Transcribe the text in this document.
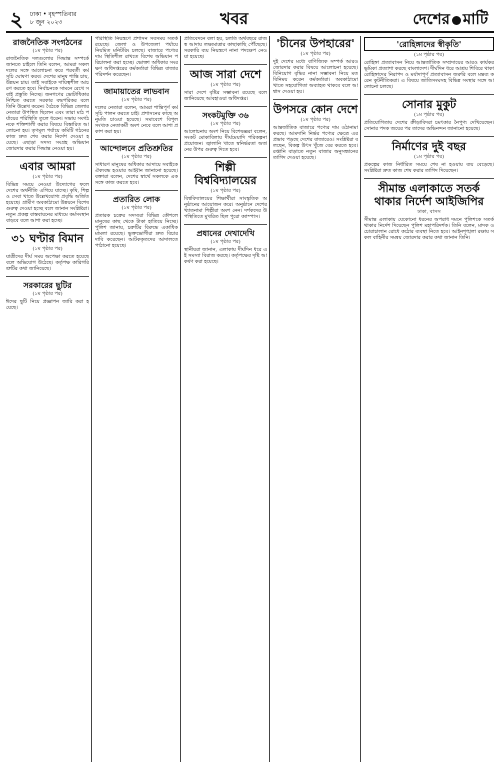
২ ঢাকা • বৃহস্পতিবার
৮ জুন ২০২৩	খবর	দেশের মাটি
রাজনৈতিক সংগঠনের
(১ম পৃষ্ঠার পর)
রাজনৈতিক দলগুলোর সিদ্ধান্ত সম্পর্কে জানতে চাইলে তিনি বলেন, আমরা সকল দলের সঙ্গে আলোচনা করে পরবর্তী কর্মসূচি ঘোষণা করব। দেশের মানুষ শান্তি চায়, উন্নয়ন চায়। তাই সবাইকে দায়িত্বশীল আচরণ করতে হবে। নির্বাচনকে সামনে রেখে সবাই প্রস্তুতি নিচ্ছে। জনগণের ভোটাধিকার নিশ্চিত করতে সরকার বদ্ধপরিকর বলে তিনি উল্লেখ করেন। বৈঠকে বিভিন্ন জেলার নেতারা উপস্থিত ছিলেন এবং তারা মাঠ পর্যায়ের পরিস্থিতি তুলে ধরেন। সভায় সংগঠনকে শক্তিশালী করার বিষয়ে বিস্তারিত আলোচনা হয়। তৃণমূল পর্যায়ে কমিটি গঠনের কাজ দ্রুত শেষ করার নির্দেশ দেওয়া হয়েছে। এছাড়া সদস্য সংগ্রহ অভিযান জোরদার করার সিদ্ধান্ত নেওয়া হয়।
এবার আমরা
(১ম পৃষ্ঠার পর)
বিভিন্ন সময়ে নেওয়া উদ্যোগের ফলে দেশের অর্থনীতি এগিয়ে যাচ্ছে। কৃষি, শিল্প ও সেবা খাতে উল্লেখযোগ্য প্রবৃদ্ধি অর্জিত হয়েছে। গ্রামীণ অবকাঠামো উন্নয়নে বিশেষ গুরুত্ব দেওয়া হচ্ছে বলে জানান সংশ্লিষ্টরা। নতুন প্রকল্প বাস্তবায়নের মাধ্যমে কর্মসংস্থান বাড়বে বলে আশা করা হচ্ছে।
৩১ ঘণ্টার বিমান
(১ম পৃষ্ঠার পর)
যাত্রীদের দীর্ঘ সময় অপেক্ষা করতে হয়েছে বলে অভিযোগ উঠেছে। কর্তৃপক্ষ কারিগরি ত্রুটির কথা জানিয়েছে।
সরকারের ছুটির
(১ম পৃষ্ঠার পর)
ঈদের ছুটি নিয়ে প্রজ্ঞাপন জারি করা হয়েছে।
পরিস্থিতি নিয়ন্ত্রণে প্রশাসন সবসময় সতর্ক রয়েছে। জেলা ও উপজেলা পর্যায়ে নিয়মিত মনিটরিং চলছে। বাজারে পণ্যের দাম স্থিতিশীল রাখতে বিশেষ অভিযান পরিচালনা করা হচ্ছে। ভোক্তা অধিকার সংরক্ষণ অধিদপ্তরের কর্মকর্তারা বিভিন্ন বাজার পরিদর্শন করেছেন।
জামায়াতের লাভবান
(১ম পৃষ্ঠার পর)
দলের নেতারা বলেন, আমরা শান্তিপূর্ণ কর্মসূচি পালন করতে চাই। প্রশাসনের কাছে অনুমতি চাওয়া হয়েছে। সমাবেশে বিপুল সংখ্যক নেতাকর্মী অংশ নেবে বলে আশা প্রকাশ করা হয়।
আন্দোলনে প্রতিশ্রুতির
(১ম পৃষ্ঠার পর)
সাধারণ মানুষের অধিকার আদায়ে সবাইকে ঐক্যবদ্ধ হওয়ার আহ্বান জানানো হয়েছে। বক্তারা বলেন, দেশের স্বার্থে সকলকে একসঙ্গে কাজ করতে হবে।
প্রতারিত লোক
(১ম পৃষ্ঠার পর)
প্রতারক চক্রের সদস্যরা বিভিন্ন কৌশলে মানুষের কাছ থেকে টাকা হাতিয়ে নিচ্ছে। পুলিশ জানায়, চক্রটির বিরুদ্ধে একাধিক মামলা রয়েছে। ভুক্তভোগীরা দ্রুত বিচার দাবি করেছেন। আটককৃতদের আদালতে পাঠানো হয়েছে।
প্রতিবেদনে বলা হয়, চলতি অর্থবছরে রাজস্ব আদায় লক্ষ্যমাত্রার কাছাকাছি পৌঁছেছে। সরকারি ব্যয় নিয়ন্ত্রণে নানা পদক্ষেপ নেওয়া হয়েছে।
আজ সারা দেশে
(১ম পৃষ্ঠার পর)
সারা দেশে বৃষ্টির সম্ভাবনা রয়েছে বলে জানিয়েছে আবহাওয়া অধিদপ্তর।
সংকটমুক্তি ৩৬
(১ম পৃষ্ঠার পর)
আলোচনায় অংশ নিয়ে বিশেষজ্ঞরা বলেন, সংকট মোকাবিলায় দীর্ঘমেয়াদি পরিকল্পনা প্রয়োজন। জ্বালানি খাতে স্বনির্ভরতা অর্জনের উপর গুরুত্ব দিতে হবে।
শিল্পী বিশ্ববিদ্যালয়ের
(১ম পৃষ্ঠার পর)
বিশ্ববিদ্যালয়ের শিক্ষার্থীরা সাংস্কৃতিক অনুষ্ঠানের আয়োজন করে। অনুষ্ঠানে দেশের খ্যাতনামা শিল্পীরা অংশ নেন। দর্শকদের উপস্থিতিতে মুখরিত ছিল পুরো ক্যাম্পাস।
প্রধানের দেখাদেখি
(১ম পৃষ্ঠার পর)
স্থানীয়রা জানান, এলাকায় দীর্ঘদিন ধরে এই সমস্যা বিরাজ করছে। কর্তৃপক্ষের দৃষ্টি আকর্ষণ করা হয়েছে।
'চীনের উপহারের'
(১ম পৃষ্ঠার পর)
দুই দেশের মধ্যে বাণিজ্যিক সম্পর্ক আরও জোরদার করার বিষয়ে আলোচনা হয়েছে। বিনিয়োগ বৃদ্ধির নানা সম্ভাবনা নিয়ে মতবিনিময় করেন কর্মকর্তারা। অবকাঠামো খাতে সহযোগিতা অব্যাহত থাকবে বলে আশ্বাস দেওয়া হয়।
উপসরে কোন দেশে
(১ম পৃষ্ঠার পর)
আন্তর্জাতিক বাজারে পণ্যের দাম ওঠানামা করছে। আমদানি নির্ভর পণ্যের ক্ষেত্রে এর প্রভাব পড়ছে দেশের বাজারেও। সংশ্লিষ্টরা বলছেন, বিকল্প উৎস খুঁজে বের করতে হবে। রপ্তানি বাড়াতে নতুন বাজার অনুসন্ধানের তাগিদ দেওয়া হয়েছে।
'রোহিঙ্গাদের স্বীকৃতি'
(১ম পৃষ্ঠার পর)
রোহিঙ্গা প্রত্যাবাসন নিয়ে আন্তর্জাতিক সম্প্রদায়ের আরও কার্যকর ভূমিকা প্রত্যাশা করছে বাংলাদেশ। দীর্ঘদিন ধরে আশ্রয় শিবিরে থাকা রোহিঙ্গাদের নিরাপদ ও মর্যাদাপূর্ণ প্রত্যাবাসন জরুরি বলে মন্তব্য করেন কূটনীতিকরা। এ বিষয়ে জাতিসংঘসহ বিভিন্ন সংস্থার সঙ্গে আলোচনা চলছে।
সোনার মুকুট
(১ম পৃষ্ঠার পর)
প্রতিযোগিতায় দেশের ক্রীড়াবিদরা চমৎকার নৈপুণ্য দেখিয়েছেন। সোনার পদক জয়ের পর তাদের অভিনন্দন জানানো হয়েছে।
নির্মাণের দুই বছর
(১ম পৃষ্ঠার পর)
প্রকল্পের কাজ নির্ধারিত সময়ে শেষ না হওয়ায় ব্যয় বেড়েছে। সংশ্লিষ্টরা দ্রুত কাজ শেষ করার তাগিদ দিয়েছেন।
সীমান্ত এলাকাতে সতর্ক থাকার নির্দেশ আইজিপির
ঢাকা, বাসস
সীমান্ত এলাকায় যেকোনো ধরনের অপরাধ দমনে পুলিশকে সতর্ক থাকার নির্দেশ দিয়েছেন পুলিশ মহাপরিদর্শক। তিনি বলেন, মাদক ও চোরাচালান রোধে কঠোর ব্যবস্থা নিতে হবে। আইনশৃঙ্খলা রক্ষায় সকল বাহিনীর সমন্বয় জোরদার করার কথা জানান তিনি।
